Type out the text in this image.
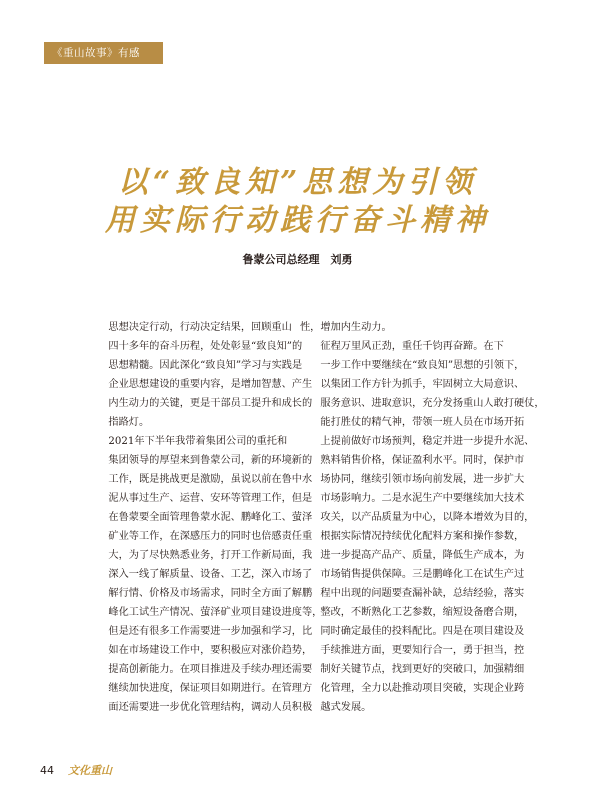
《重山故事》有感
以“致良知”思想为引领
用实际行动践行奋斗精神
鲁蒙公司总经理　刘勇

思想决定行动，行动决定结果，回顾重山
四十多年的奋斗历程，处处彰显“致良知”的
思想精髓。因此深化“致良知”学习与实践是
企业思想建设的重要内容，是增加智慧、产生
内生动力的关键，更是干部员工提升和成长的
指路灯。

2021年下半年我带着集团公司的重托和
集团领导的厚望来到鲁蒙公司，新的环境新的
工作，既是挑战更是激励，虽说以前在鲁中水
泥从事过生产、运营、安环等管理工作，但是
在鲁蒙要全面管理鲁蒙水泥、鹏峰化工、萤泽
矿业等工作，在深感压力的同时也倍感责任重
大，为了尽快熟悉业务，打开工作新局面，我
深入一线了解质量、设备、工艺，深入市场了
解行情、价格及市场需求，同时全方面了解鹏
峰化工试生产情况、萤泽矿业项目建设进度等，
但是还有很多工作需要进一步加强和学习，比
如在市场建设工作中，要积极应对涨价趋势，
提高创新能力。在项目推进及手续办理还需要
继续加快进度，保证项目如期进行。在管理方
面还需要进一步优化管理结构，调动人员积极

性，增加内生动力。

征程万里风正劲，重任千钧再奋蹄。在下
一步工作中要继续在“致良知”思想的引领下，
以集团工作方针为抓手，牢固树立大局意识、
服务意识、进取意识，充分发扬重山人敢打硬仗，
能打胜仗的精气神，带领一班人员在市场开拓
上提前做好市场预判，稳定并进一步提升水泥、
熟料销售价格，保证盈利水平。同时，保护市
场协同，继续引领市场向前发展，进一步扩大
市场影响力。二是水泥生产中要继续加大技术
攻关，以产品质量为中心，以降本增效为目的，
根据实际情况持续优化配料方案和操作参数，
进一步提高产品产、质量，降低生产成本，为
市场销售提供保障。三是鹏峰化工在试生产过
程中出现的问题要查漏补缺，总结经验，落实
整改，不断熟化工艺参数，缩短设备磨合期，
同时确定最佳的投料配比。四是在项目建设及
手续推进方面，更要知行合一，勇于担当，控
制好关键节点，找到更好的突破口，加强精细
化管理，全力以赴推动项目突破，实现企业跨
越式发展。

44 文化重山
